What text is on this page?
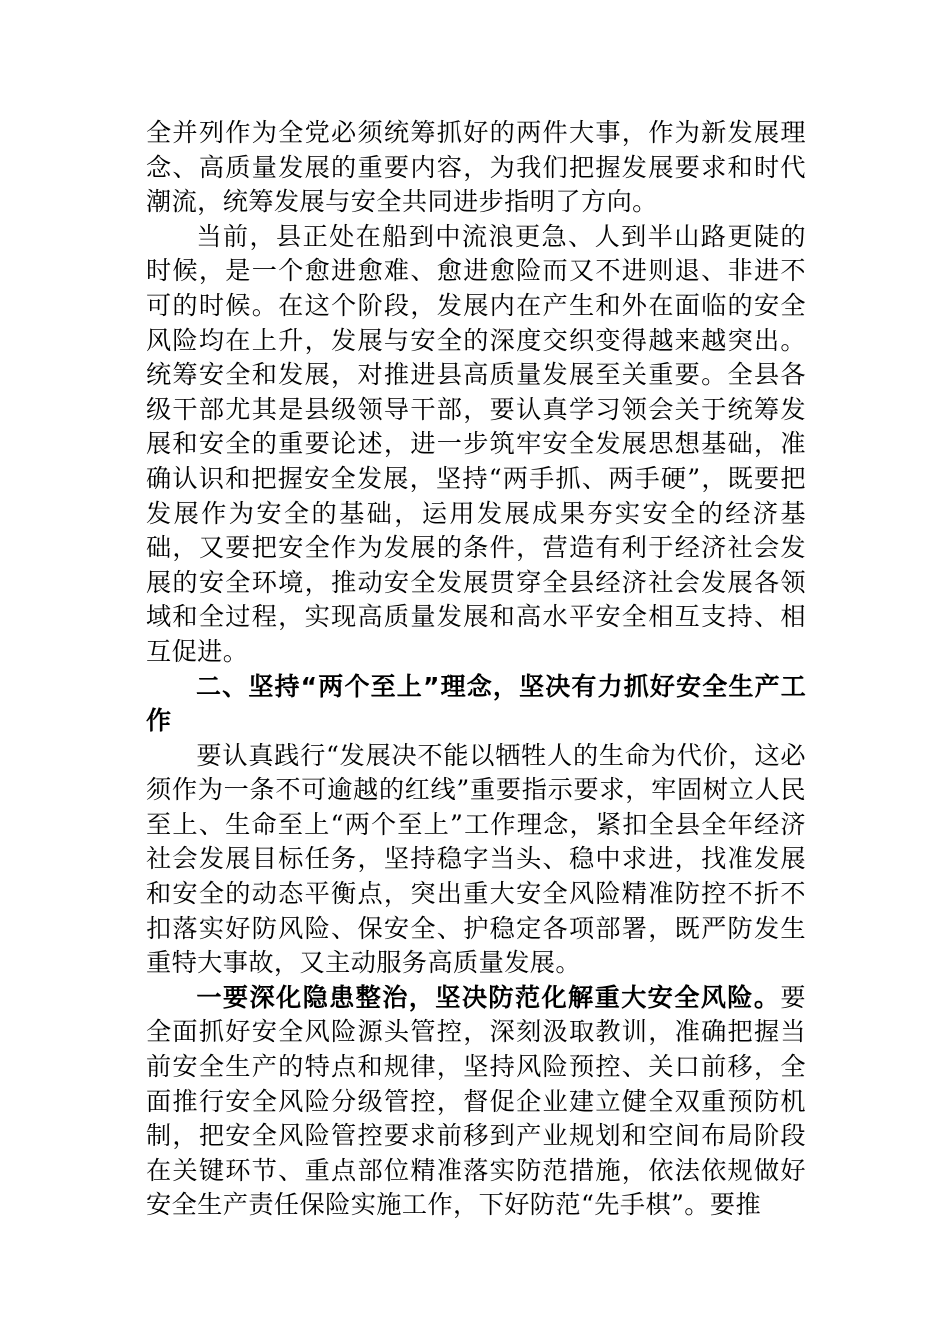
全并列作为全党必须统筹抓好的两件大事，作为新发展理念、高质量发展的重要内容，为我们把握发展要求和时代潮流，统筹发展与安全共同进步指明了方向。

当前，县正处在船到中流浪更急、人到半山路更陡的时候，是一个愈进愈难、愈进愈险而又不进则退、非进不可的时候。在这个阶段，发展内在产生和外在面临的安全风险均在上升，发展与安全的深度交织变得越来越突出。统筹安全和发展，对推进县高质量发展至关重要。全县各级干部尤其是县级领导干部，要认真学习领会关于统筹发展和安全的重要论述，进一步筑牢安全发展思想基础，准确认识和把握安全发展，坚持“两手抓、两手硬”，既要把发展作为安全的基础，运用发展成果夯实安全的经济基础，又要把安全作为发展的条件，营造有利于经济社会发展的安全环境，推动安全发展贯穿全县经济社会发展各领域和全过程，实现高质量发展和高水平安全相互支持、相互促进。

二、坚持“两个至上”理念，坚决有力抓好安全生产工作

要认真践行“发展决不能以牺牲人的生命为代价，这必须作为一条不可逾越的红线”重要指示要求，牢固树立人民至上、生命至上“两个至上”工作理念，紧扣全县全年经济社会发展目标任务，坚持稳字当头、稳中求进，找准发展和安全的动态平衡点，突出重大安全风险精准防控不折不扣落实好防风险、保安全、护稳定各项部署，既严防发生重特大事故，又主动服务高质量发展。

一要深化隐患整治，坚决防范化解重大安全风险。要全面抓好安全风险源头管控，深刻汲取教训，准确把握当前安全生产的特点和规律，坚持风险预控、关口前移，全面推行安全风险分级管控，督促企业建立健全双重预防机制，把安全风险管控要求前移到产业规划和空间布局阶段在关键环节、重点部位精准落实防范措施，依法依规做好安全生产责任保险实施工作，下好防范“先手棋”。要推
